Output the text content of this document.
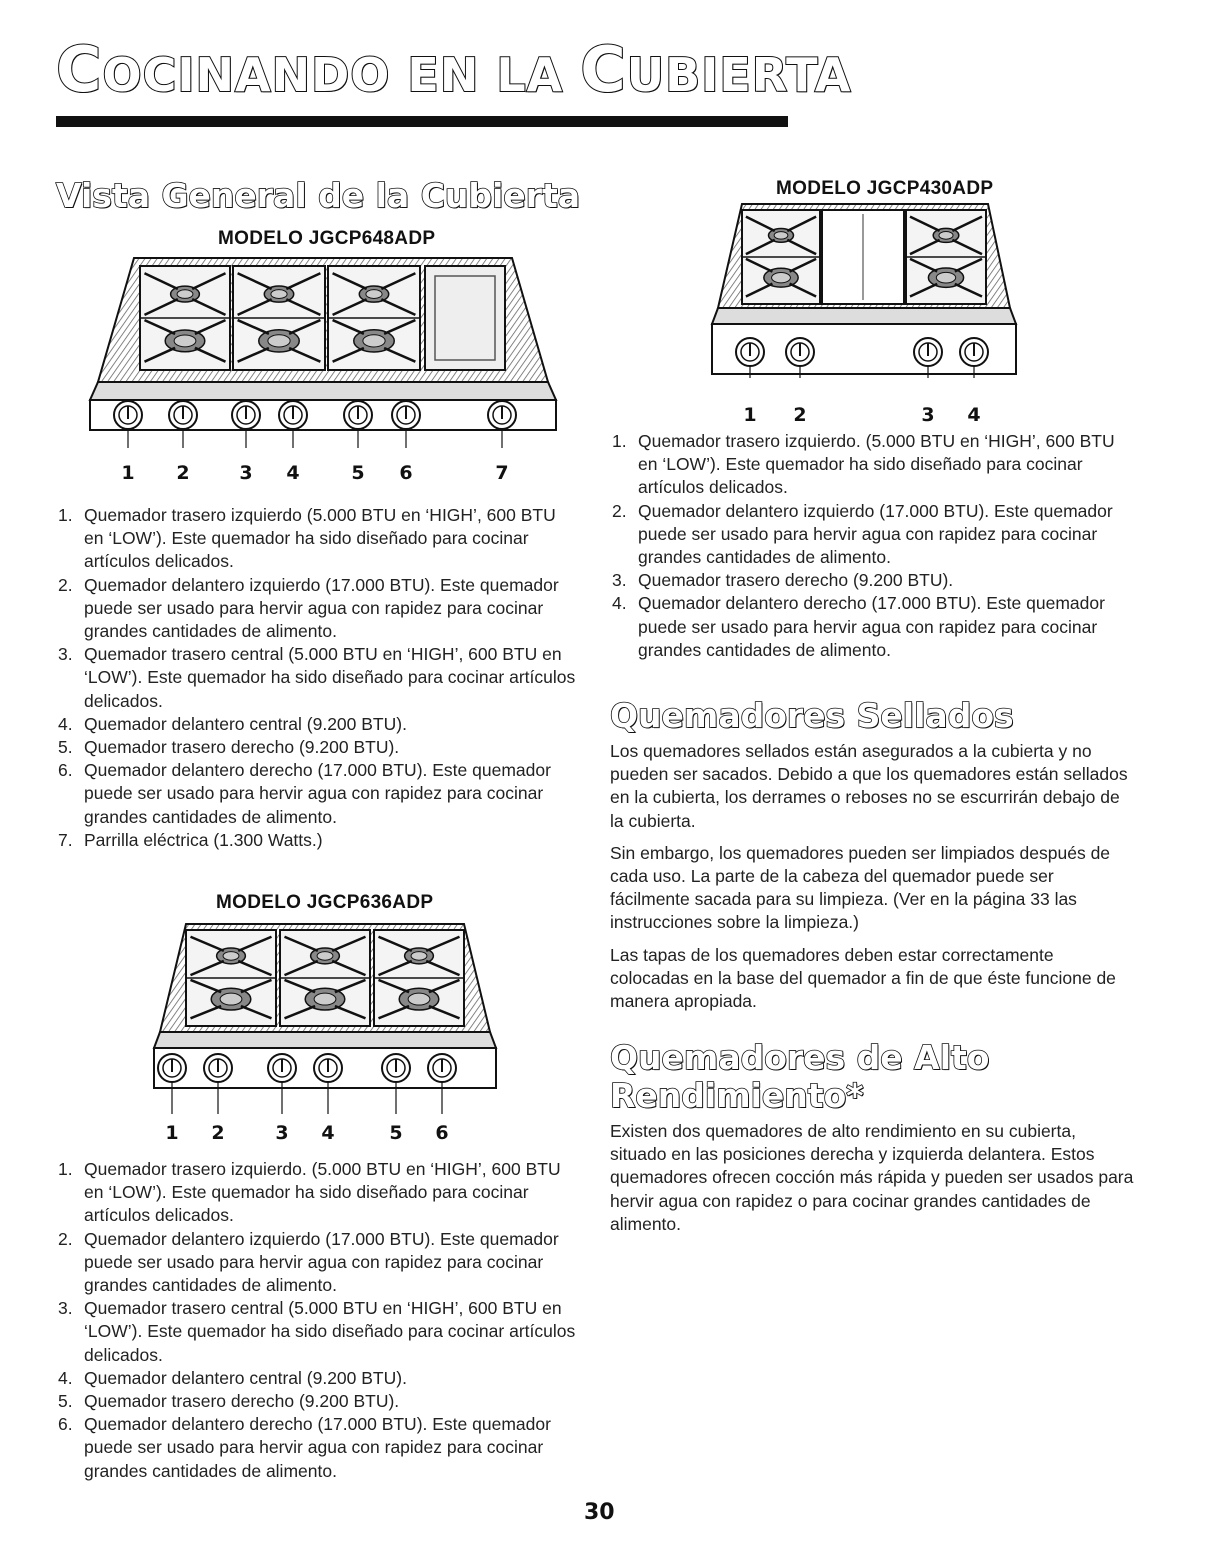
COCINANDO EN LA CUBIERTA
Vista General de la Cubierta
MODELO JGCP648ADP
1 2	3 4	5 6	7
1. Quemador trasero izquierdo (5.000 BTU en ‘HIGH’, 600 BTU en ‘LOW’). Este quemador ha sido diseñado para cocinar artículos delicados.
2. Quemador delantero izquierdo (17.000 BTU). Este quemador puede ser usado para hervir agua con rapidez para cocinar grandes cantidades de alimento.
3. Quemador trasero central (5.000 BTU en ‘HIGH’, 600 BTU en ‘LOW’). Este quemador ha sido diseñado para cocinar artículos delicados.
4. Quemador delantero central (9.200 BTU).
5. Quemador trasero derecho (9.200 BTU).
6. Quemador delantero derecho (17.000 BTU). Este quemador puede ser usado para hervir agua con rapidez para cocinar grandes cantidades de alimento.
7. Parrilla eléctrica (1.300 Watts.)
MODELO JGCP636ADP
1 2	3 4	5 6
1. Quemador trasero izquierdo. (5.000 BTU en ‘HIGH’, 600 BTU en ‘LOW’). Este quemador ha sido diseñado para cocinar artículos delicados.
2. Quemador delantero izquierdo (17.000 BTU). Este quemador puede ser usado para hervir agua con rapidez para cocinar grandes cantidades de alimento.
3. Quemador trasero central (5.000 BTU en ‘HIGH’, 600 BTU en ‘LOW’). Este quemador ha sido diseñado para cocinar artículos delicados.
4. Quemador delantero central (9.200 BTU).
5. Quemador trasero derecho (9.200 BTU).
6. Quemador delantero derecho (17.000 BTU). Este quemador puede ser usado para hervir agua con rapidez para cocinar grandes cantidades de alimento.
MODELO JGCP430ADP
1 2	3 4
1. Quemador trasero izquierdo. (5.000 BTU en ‘HIGH’, 600 BTU en ‘LOW’). Este quemador ha sido diseñado para cocinar artículos delicados.
2. Quemador delantero izquierdo (17.000 BTU). Este quemador puede ser usado para hervir agua con rapidez para cocinar grandes cantidades de alimento.
3. Quemador trasero derecho (9.200 BTU).
4. Quemador delantero derecho (17.000 BTU). Este quemador puede ser usado para hervir agua con rapidez para cocinar grandes cantidades de alimento.
Quemadores Sellados

Los quemadores sellados están asegurados a la cubierta y no pueden ser sacados. Debido a que los quemadores están sellados en la cubierta, los derrames o reboses no se escurrirán debajo de la cubierta.

Sin embargo, los quemadores pueden ser limpiados después de cada uso. La parte de la cabeza del quemador puede ser fácilmente sacada para su limpieza. (Ver en la página 33 las instrucciones sobre la limpieza.)

Las tapas de los quemadores deben estar correctamente colocadas en la base del quemador a fin de que éste funcione de manera apropiada.

Quemadores de Alto
Rendimiento*

Existen dos quemadores de alto rendimiento en su cubierta, situado en las posiciones derecha y izquierda delantera. Estos quemadores ofrecen cocción más rápida y pueden ser usados para hervir agua con rapidez o para cocinar grandes cantidades de alimento.

30
